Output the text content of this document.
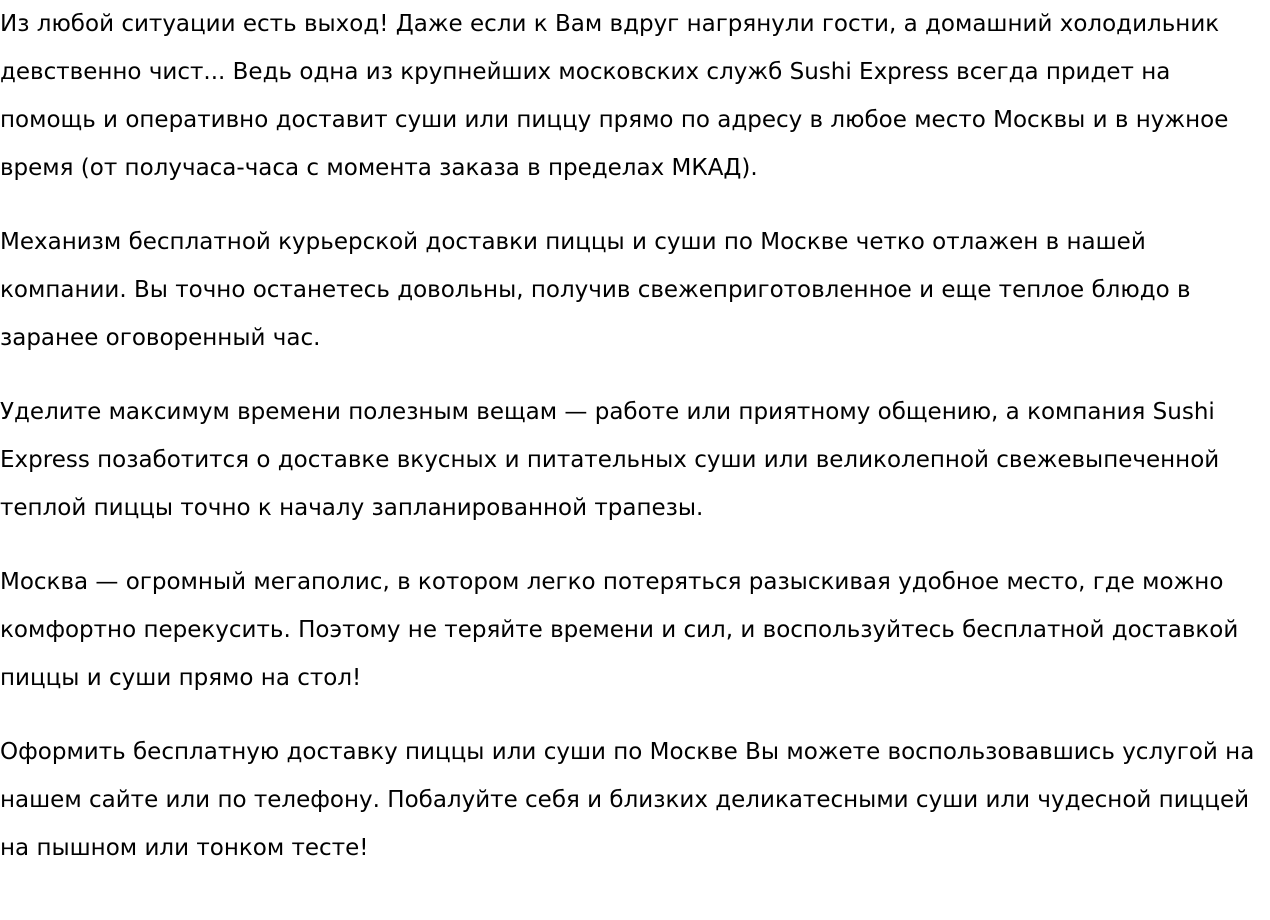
Из любой ситуации есть выход! Даже если к Вам вдруг нагрянули гости, а домашний холодильник девственно чист... Ведь одна из крупнейших московских служб Sushi Express всегда придет на помощь и оперативно доставит суши или пиццу прямо по адресу в любое место Москвы и в нужное время (от получаса-часа с момента заказа в пределах МКАД).

Механизм бесплатной курьерской доставки пиццы и суши по Москве четко отлажен в нашей компании. Вы точно останетесь довольны, получив свежеприготовленное и еще теплое блюдо в заранее оговоренный час.

Уделите максимум времени полезным вещам — работе или приятному общению, а компания Sushi Express позаботится о доставке вкусных и питательных суши или великолепной свежевыпеченной теплой пиццы точно к началу запланированной трапезы.

Москва — огромный мегаполис, в котором легко потеряться разыскивая удобное место, где можно комфортно перекусить. Поэтому не теряйте времени и сил, и воспользуйтесь бесплатной доставкой пиццы и суши прямо на стол!

Оформить бесплатную доставку пиццы или суши по Москве Вы можете воспользовавшись услугой на нашем сайте или по телефону. Побалуйте себя и близких деликатесными суши или чудесной пиццей на пышном или тонком тесте!
